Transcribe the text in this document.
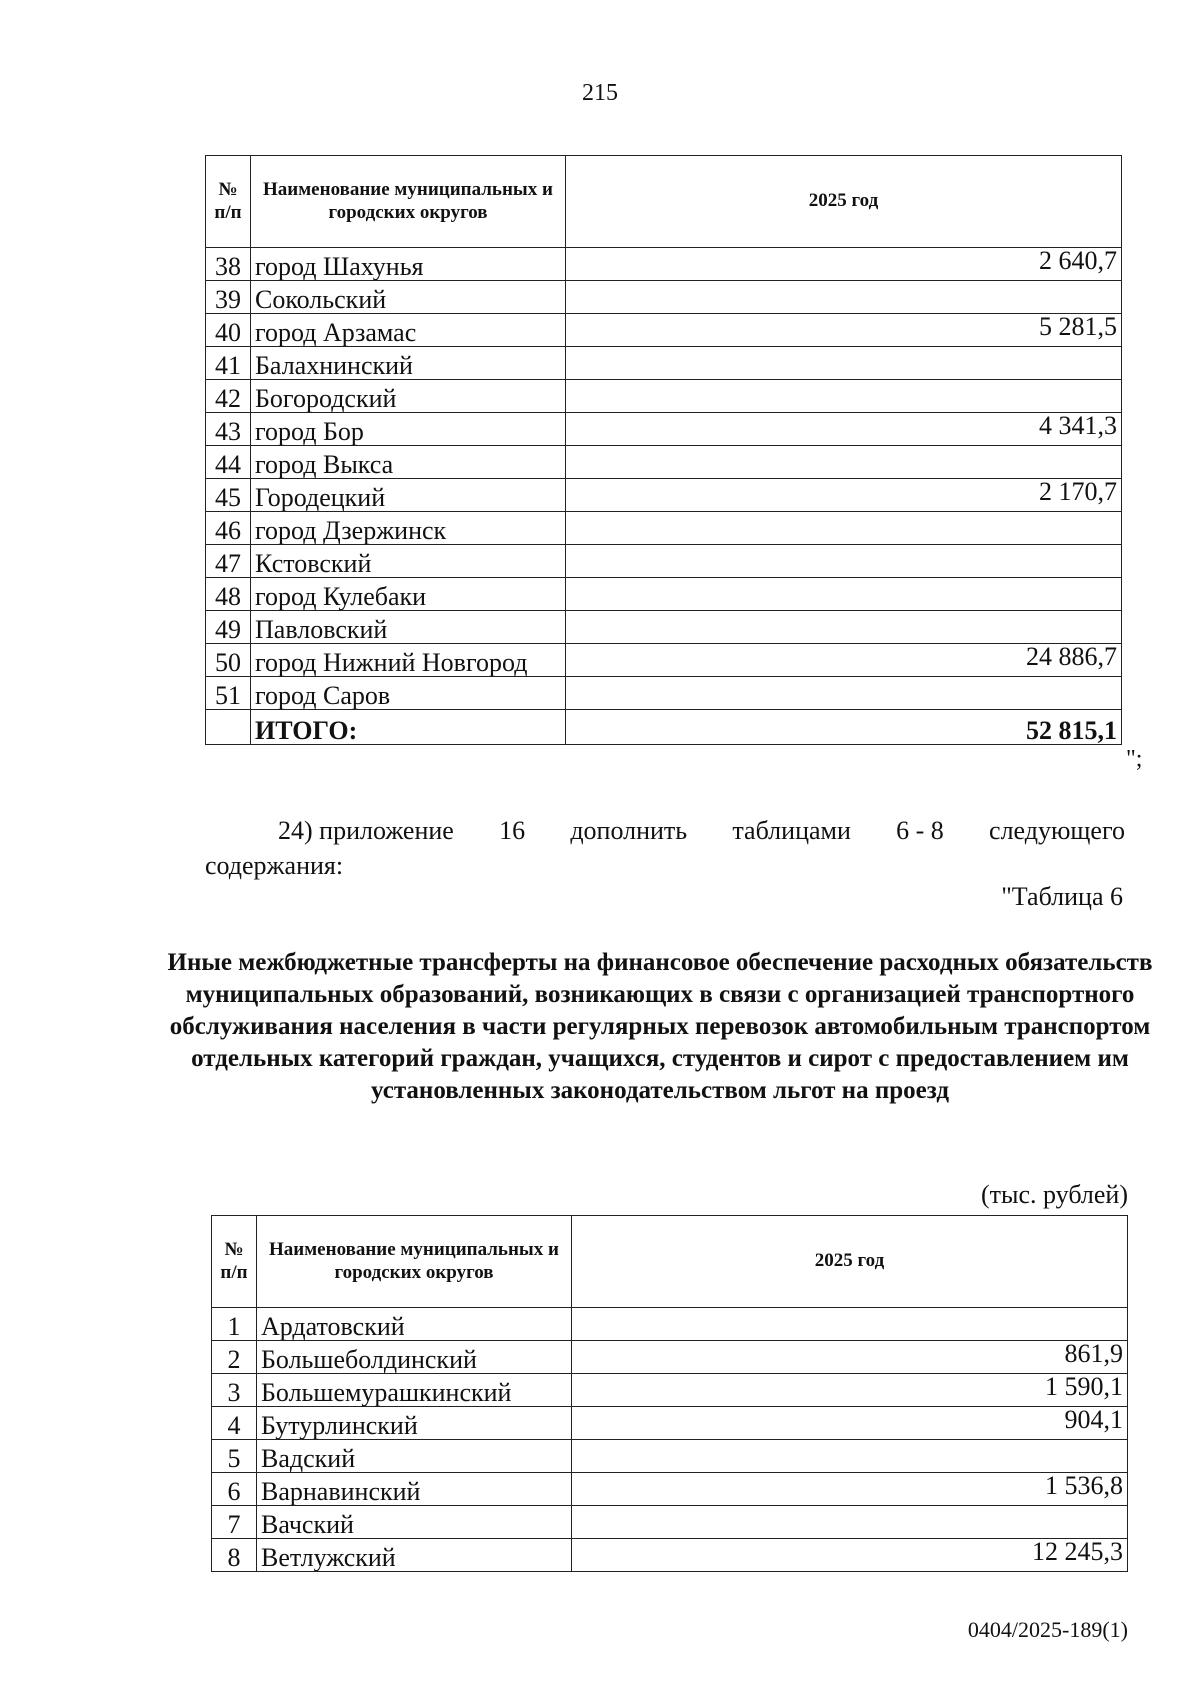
215
№ п/п	Наименование муниципальных и городских округов	2025 год
38	город Шахунья	2 640,7
39	Сокольский	
40	город Арзамас	5 281,5
41	Балахнинский	
42	Богородский	
43	город Бор	4 341,3
44	город Выкса	
45	Городецкий	2 170,7
46	город Дзержинск	
47	Кстовский	
48	город Кулебаки	
49	Павловский	
50	город Нижний Новгород	24 886,7
51	город Саров	
	ИТОГО:	52 815,1
";
24) приложение 16 дополнить таблицами 6 - 8 следующего
содержания:
"Таблица 6
Иные межбюджетные трансферты на финансовое обеспечение расходных обязательств муниципальных образований, возникающих в связи с организацией транспортного обслуживания населения в части регулярных перевозок автомобильным транспортом отдельных категорий граждан, учащихся, студентов и сирот с предоставлением им установленных законодательством льгот на проезд
(тыс. рублей)
№ п/п	Наименование муниципальных и городских округов	2025 год
1	Ардатовский	
2	Большеболдинский	861,9
3	Большемурашкинский	1 590,1
4	Бутурлинский	904,1
5	Вадский	
6	Варнавинский	1 536,8
7	Вачский	
8	Ветлужский	12 245,3
0404/2025-189(1)
